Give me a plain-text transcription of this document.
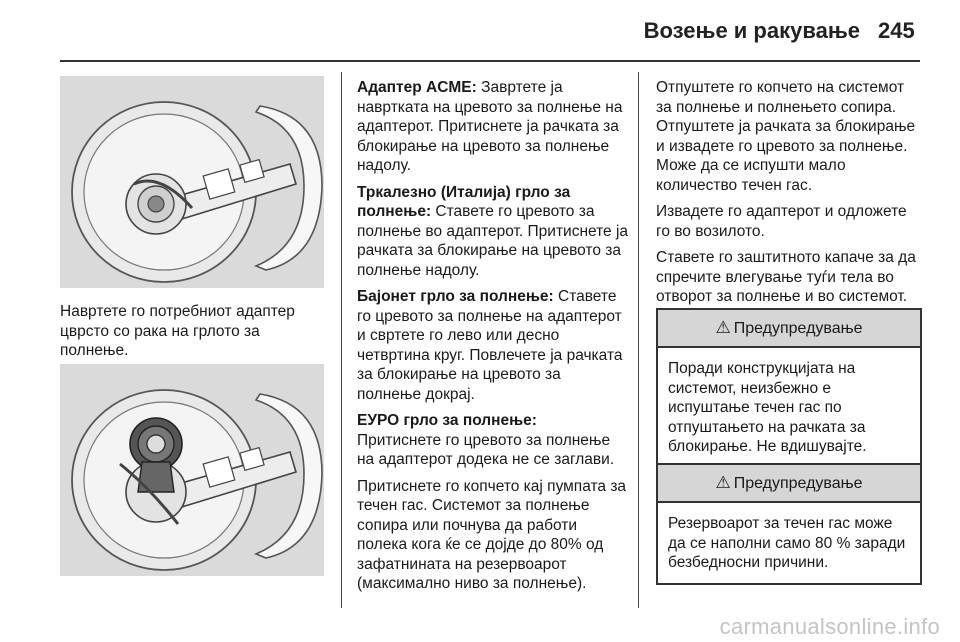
Возење и ракување 245

Навртете го потребниот адаптер цврсто со рака на грлото за полнење.

Адаптер ACME: Завртете ја навртката на цревото за полнење на адаптерот. Притиснете ја рачката за блокирање на цревото за полнење надолу.

Тркалезно (Италија) грло за полнење: Ставете го цревото за полнење во адаптерот. Притиснете ја рачката за блокирање на цревото за полнење надолу.

Бајонет грло за полнење: Ставете го цревото за полнење на адаптерот и свртете го лево или десно четвртина круг. Повлечете ја рачката за блокирање на цревото за полнење докрај.

ЕУРО грло за полнење:
Притиснете го цревото за полнење на адаптерот додека не се заглави.

Притиснете го копчето кај пумпата за течен гас. Системот за полнење сопира или почнува да работи полека кога ќе се дојде до 80% од зафатнината на резервоарот (максимално ниво за полнење).

Отпуштете го копчето на системот за полнење и полнењето сопира. Отпуштете ја рачката за блокирање и извадете го цревото за полнење. Може да се испушти мало количество течен гас.

Извадете го адаптерот и одложете го во возилото.

Ставете го заштитното капаче за да спречите влегување туѓи тела во отворот за полнење и во системот.

⚠ Предупредување
Поради конструкцијата на системот, неизбежно е испуштање течен гас по отпуштањето на рачката за блокирање. Не вдишувајте.
⚠ Предупредување
Резервоарот за течен гас може да се наполни само 80 % заради безбедносни причини.
carmanualsonline.info
